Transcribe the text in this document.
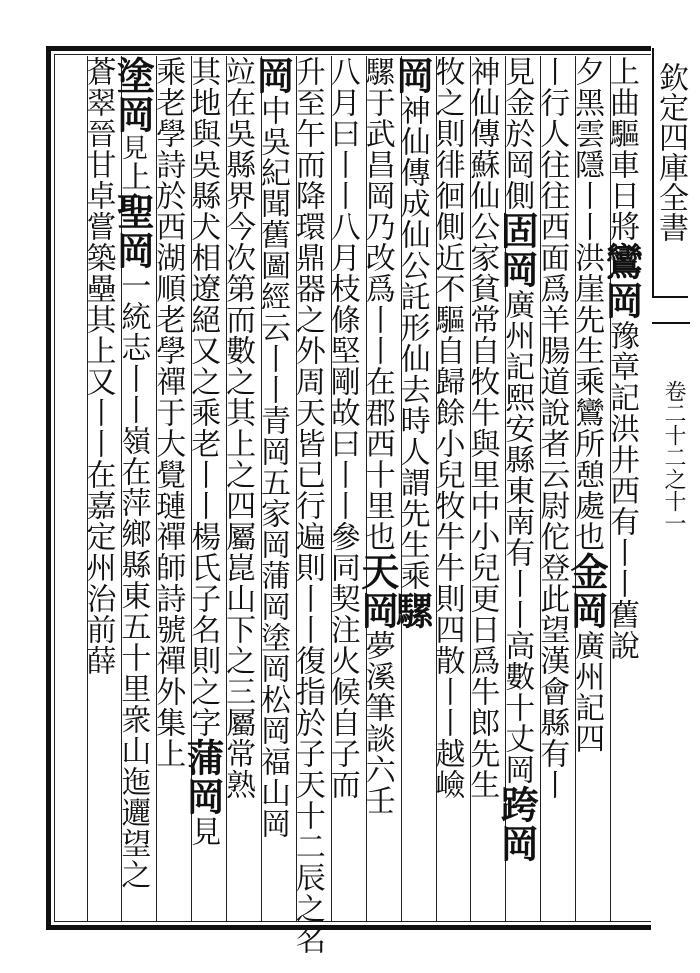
欽定四庫全書
卷二十二之十一
上曲驅車日將鸞岡豫章記洪井西有丨丨舊說
夕黑雲隱丨丨洪崖先生乘鸞所憩處也金岡廣州記四
丨行人往往西面爲羊腸道說者云尉佗登此望漢會縣有丨
見金於岡側固岡廣州記熙安縣東南有丨丨高數十丈岡跨岡
神仙傳蘇仙公家貧常自牧牛與里中小兒更日爲牛郎先生
牧之則徘徊側近不驅自歸餘小兒牧牛牛則四散丨丨越嶮
岡神仙傳成仙公託形仙去時人謂先生乘騾
騾于武昌岡乃改爲丨丨在郡西十里也天岡夢溪筆談六壬
八月曰丨丨八月枝條堅剛故曰丨丨參同契注火候自子而
升至午而降環鼎器之外周天皆已行遍則丨丨復指於子天十二辰之名
岡中吳紀聞舊圖經云丨丨青岡五家岡蒲岡塗岡松岡福山岡
竝在吳縣界今次第而數之其上之四屬崑山下之三屬常熟
其地與吳縣犬相遼絕又之乘老丨丨楊氏子名則之字蒲岡見
乘老學詩於西湖順老學禪于大覺璉禪師詩號禪外集上
塗岡見上聖岡一統志丨丨嶺在萍鄉縣東五十里衆山迤邐望之
蒼翠晉甘卓嘗築壘其上又丨丨在嘉定州治前薛
